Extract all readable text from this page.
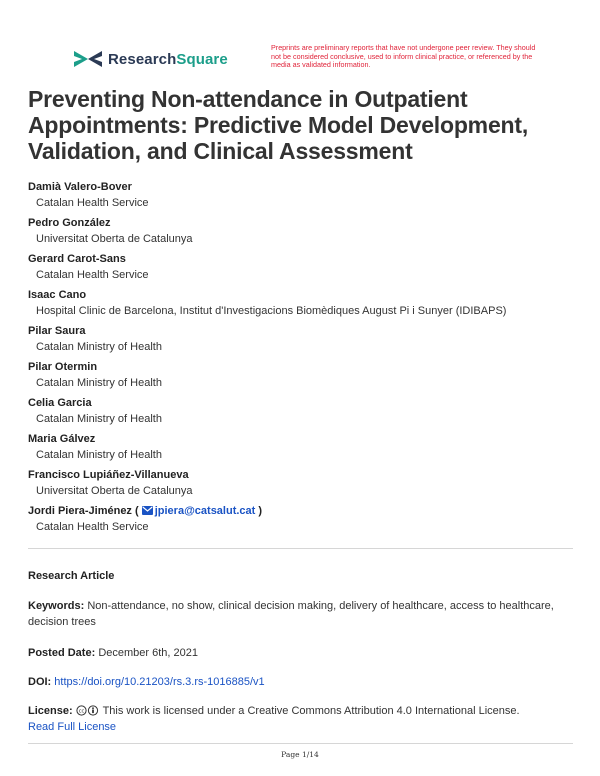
ResearchSquare
Preprints are preliminary reports that have not undergone peer review. They should not be considered conclusive, used to inform clinical practice, or referenced by the media as validated information.
Preventing Non-attendance in Outpatient Appointments: Predictive Model Development, Validation, and Clinical Assessment
Damià Valero-Bover
Catalan Health Service
Pedro González
Universitat Oberta de Catalunya
Gerard Carot-Sans
Catalan Health Service
Isaac Cano
Hospital Clinic de Barcelona, Institut d'Investigacions Biomèdiques August Pi i Sunyer (IDIBAPS)
Pilar Saura
Catalan Ministry of Health
Pilar Otermin
Catalan Ministry of Health
Celia Garcia
Catalan Ministry of Health
Maria Gálvez
Catalan Ministry of Health
Francisco Lupiáñez-Villanueva
Universitat Oberta de Catalunya
Jordi Piera-Jiménez ( jpiera@catsalut.cat )
Catalan Health Service
Research Article
Keywords: Non-attendance, no show, clinical decision making, delivery of healthcare, access to healthcare, decision trees
Posted Date: December 6th, 2021
DOI: https://doi.org/10.21203/rs.3.rs-1016885/v1
License: cc This work is licensed under a Creative Commons Attribution 4.0 International License.
Read Full License
Page 1/14
